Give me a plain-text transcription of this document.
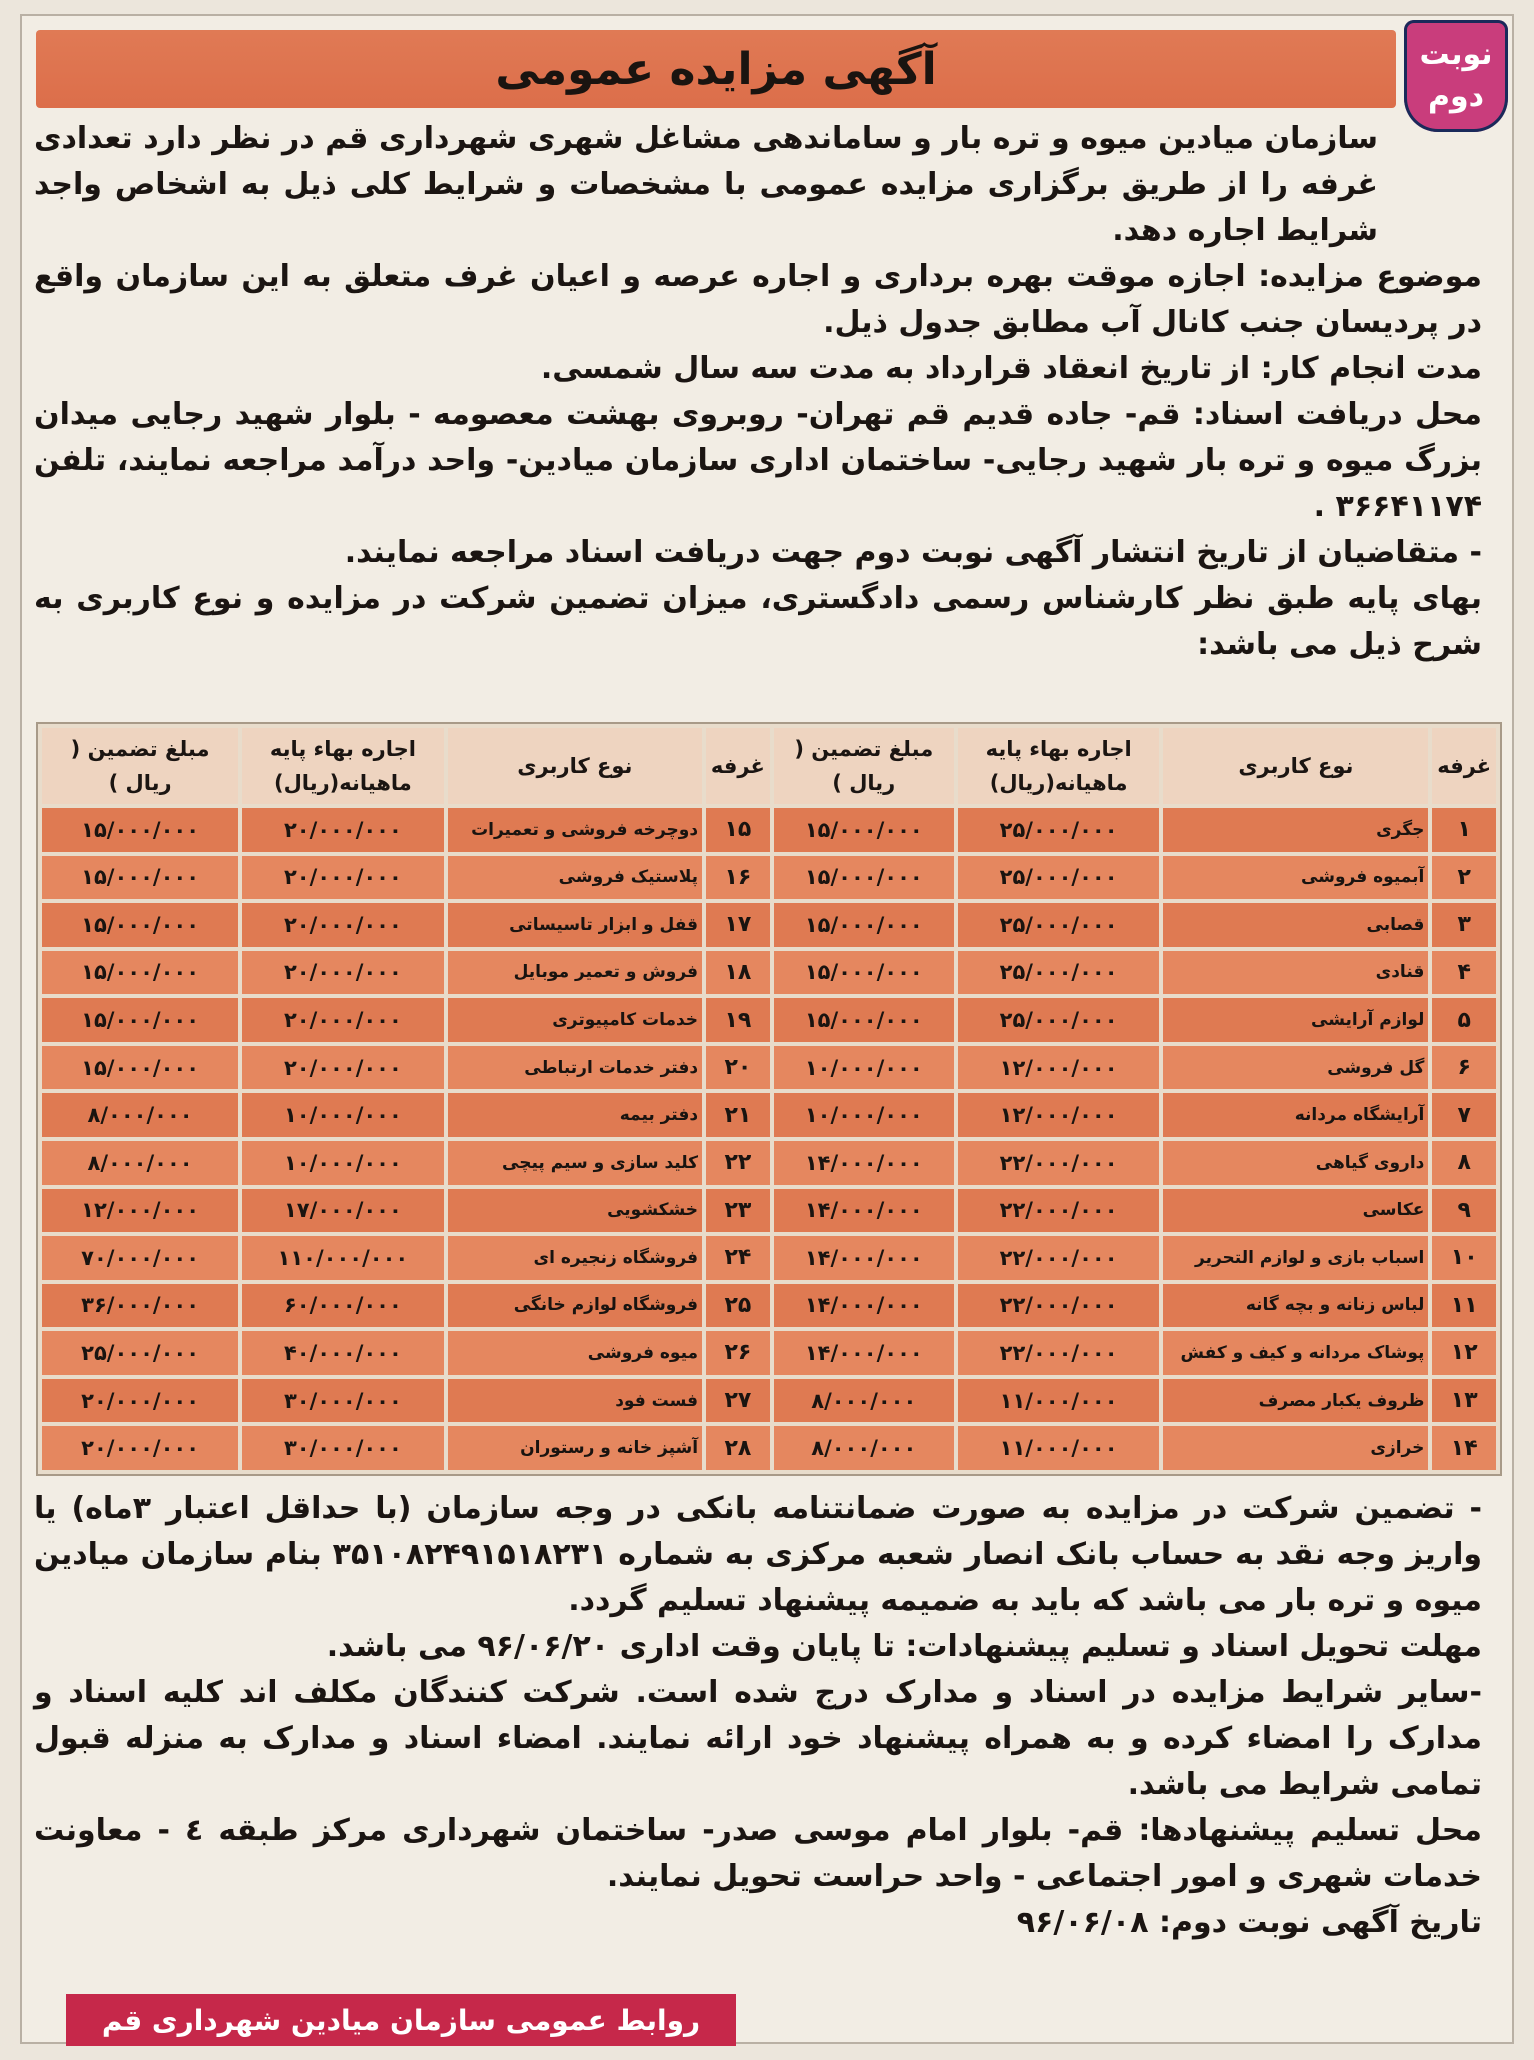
آگهی مزایده عمومی	نوبت
دوم

سازمان میادین میوه و تره بار و ساماندهی مشاغل شهری شهرداری قم در نظر دارد تعدادی غرفه را از طریق برگزاری مزایده عمومی با مشخصات و شرایط کلی ذیل به اشخاص واجد شرایط اجاره دهد.

موضوع مزایده: اجازه موقت بهره برداری و اجاره عرصه و اعیان غرف متعلق به این سازمان واقع در پردیسان جنب کانال آب مطابق جدول ذیل.

مدت انجام کار: از تاریخ انعقاد قرارداد به مدت سه سال شمسی.

محل دریافت اسناد: قم- جاده قدیم قم تهران- روبروی بهشت معصومه - بلوار شهید رجایی میدان بزرگ میوه و تره بار شهید رجایی- ساختمان اداری سازمان میادین- واحد درآمد مراجعه نمایند، تلفن ۳۶۶۴۱۱۷۴ .

- متقاضیان از تاریخ انتشار آگهی نوبت دوم جهت دریافت اسناد مراجعه نمایند.

بهای پایه طبق نظر کارشناس رسمی دادگستری، میزان تضمین شرکت در مزایده و نوع کاربری به شرح ذیل می باشد:

غرفه	نوع کاربری	اجاره بهاء پایه ماهیانه(ریال)	مبلغ تضمین ( ریال )	غرفه	نوع کاربری	اجاره بهاء پایه ماهیانه(ریال)	مبلغ تضمین ( ریال )
۱	جگری	۲۵/۰۰۰/۰۰۰	۱۵/۰۰۰/۰۰۰	۱۵	دوچرخه فروشی و تعمیرات	۲۰/۰۰۰/۰۰۰	۱۵/۰۰۰/۰۰۰
۲	آبمیوه فروشی	۲۵/۰۰۰/۰۰۰	۱۵/۰۰۰/۰۰۰	۱۶	پلاستیک فروشی	۲۰/۰۰۰/۰۰۰	۱۵/۰۰۰/۰۰۰
۳	قصابی	۲۵/۰۰۰/۰۰۰	۱۵/۰۰۰/۰۰۰	۱۷	قفل و ابزار تاسیساتی	۲۰/۰۰۰/۰۰۰	۱۵/۰۰۰/۰۰۰
۴	قنادی	۲۵/۰۰۰/۰۰۰	۱۵/۰۰۰/۰۰۰	۱۸	فروش و تعمیر موبایل	۲۰/۰۰۰/۰۰۰	۱۵/۰۰۰/۰۰۰
۵	لوازم آرایشی	۲۵/۰۰۰/۰۰۰	۱۵/۰۰۰/۰۰۰	۱۹	خدمات کامپیوتری	۲۰/۰۰۰/۰۰۰	۱۵/۰۰۰/۰۰۰
۶	گل فروشی	۱۲/۰۰۰/۰۰۰	۱۰/۰۰۰/۰۰۰	۲۰	دفتر خدمات ارتباطی	۲۰/۰۰۰/۰۰۰	۱۵/۰۰۰/۰۰۰
۷	آرایشگاه مردانه	۱۲/۰۰۰/۰۰۰	۱۰/۰۰۰/۰۰۰	۲۱	دفتر بیمه	۱۰/۰۰۰/۰۰۰	۸/۰۰۰/۰۰۰
۸	داروی گیاهی	۲۲/۰۰۰/۰۰۰	۱۴/۰۰۰/۰۰۰	۲۲	کلید سازی و سیم پیچی	۱۰/۰۰۰/۰۰۰	۸/۰۰۰/۰۰۰
۹	عکاسی	۲۲/۰۰۰/۰۰۰	۱۴/۰۰۰/۰۰۰	۲۳	خشکشویی	۱۷/۰۰۰/۰۰۰	۱۲/۰۰۰/۰۰۰
۱۰	اسباب بازی و لوازم التحریر	۲۲/۰۰۰/۰۰۰	۱۴/۰۰۰/۰۰۰	۲۴	فروشگاه زنجیره ای	۱۱۰/۰۰۰/۰۰۰	۷۰/۰۰۰/۰۰۰
۱۱	لباس زنانه و بچه گانه	۲۲/۰۰۰/۰۰۰	۱۴/۰۰۰/۰۰۰	۲۵	فروشگاه لوازم خانگی	۶۰/۰۰۰/۰۰۰	۳۶/۰۰۰/۰۰۰
۱۲	پوشاک مردانه و کیف و کفش	۲۲/۰۰۰/۰۰۰	۱۴/۰۰۰/۰۰۰	۲۶	میوه فروشی	۴۰/۰۰۰/۰۰۰	۲۵/۰۰۰/۰۰۰
۱۳	ظروف یکبار مصرف	۱۱/۰۰۰/۰۰۰	۸/۰۰۰/۰۰۰	۲۷	فست فود	۳۰/۰۰۰/۰۰۰	۲۰/۰۰۰/۰۰۰
۱۴	خرازی	۱۱/۰۰۰/۰۰۰	۸/۰۰۰/۰۰۰	۲۸	آشپز خانه و رستوران	۳۰/۰۰۰/۰۰۰	۲۰/۰۰۰/۰۰۰

- تضمین شرکت در مزایده به صورت ضمانتنامه بانکی در وجه سازمان (با حداقل اعتبار ۳ماه) یا واریز وجه نقد به حساب بانک انصار شعبه مرکزی به شماره ۳۵۱۰۸۲۴۹۱۵۱۸۲۳۱ بنام سازمان میادین میوه و تره بار می باشد که باید به ضمیمه پیشنهاد تسلیم گردد.

مهلت تحویل اسناد و تسلیم پیشنهادات: تا پایان وقت اداری ۹۶/۰۶/۲۰ می باشد.

-سایر شرایط مزایده در اسناد و مدارک درج شده است. شرکت کنندگان مکلف اند کلیه اسناد و مدارک را امضاء کرده و به همراه پیشنهاد خود ارائه نمایند. امضاء اسناد و مدارک به منزله قبول تمامی شرایط می باشد.

محل تسلیم پیشنهادها: قم- بلوار امام موسی صدر- ساختمان شهرداری مرکز طبقه ٤ - معاونت خدمات شهری و امور اجتماعی - واحد حراست تحویل نمایند.

تاریخ آگهی نوبت دوم: ۹۶/۰۶/۰۸

روابط عمومی سازمان میادین شهرداری قم
